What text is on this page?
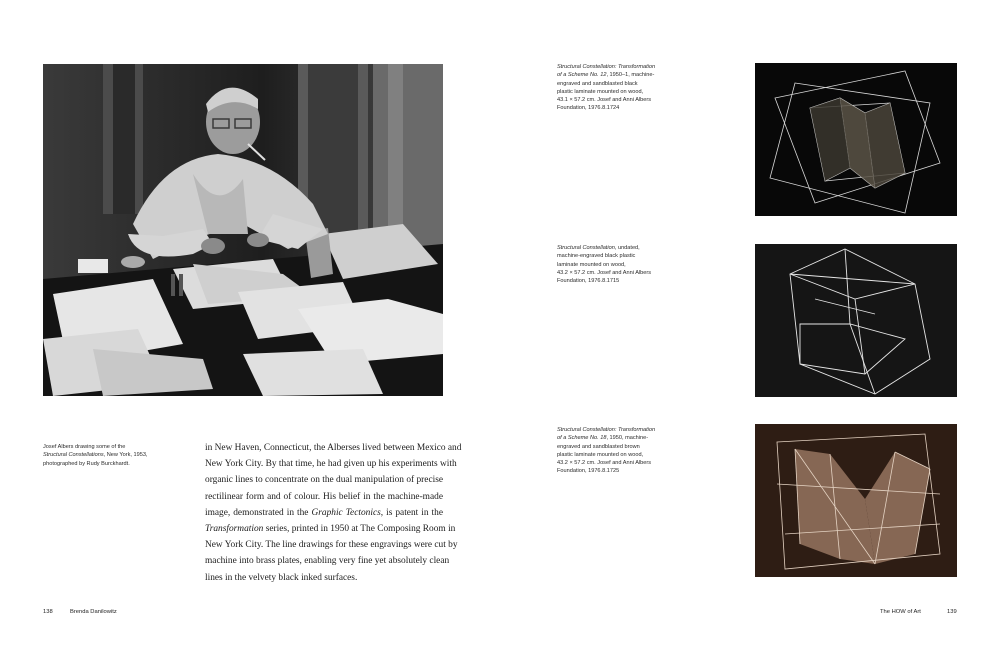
Josef Albers drawing some of the
Structural Constellations, New York, 1953,
photographed by Rudy Burckhardt.
in New Haven, Connecticut, the Alberses lived between Mexico and
New York City. By that time, he had given up his experiments with
organic lines to concentrate on the dual manipulation of precise
rectilinear form and of colour. His belief in the machine-made
image, demonstrated in the Graphic Tectonics, is patent in the
Transformation series, printed in 1950 at The Composing Room in
New York City. The line drawings for these engravings were cut by
machine into brass plates, enabling very fine yet absolutely clean
lines in the velvety black inked surfaces.
138	Brenda Danilowitz
Structural Constellation: Transformation
of a Scheme No. 12, 1950–1, machine-
engraved and sandblasted black
plastic laminate mounted on wood,
43.1 × 57.2 cm. Josef and Anni Albers
Foundation, 1976.8.1724
Structural Constellation, undated,
machine-engraved black plastic
laminate mounted on wood,
43.2 × 57.2 cm. Josef and Anni Albers
Foundation, 1976.8.1715
Structural Constellation: Transformation
of a Scheme No. 18, 1950, machine-
engraved and sandblasted brown
plastic laminate mounted on wood,
43.2 × 57.2 cm. Josef and Anni Albers
Foundation, 1976.8.1725
The HOW of Art	139
